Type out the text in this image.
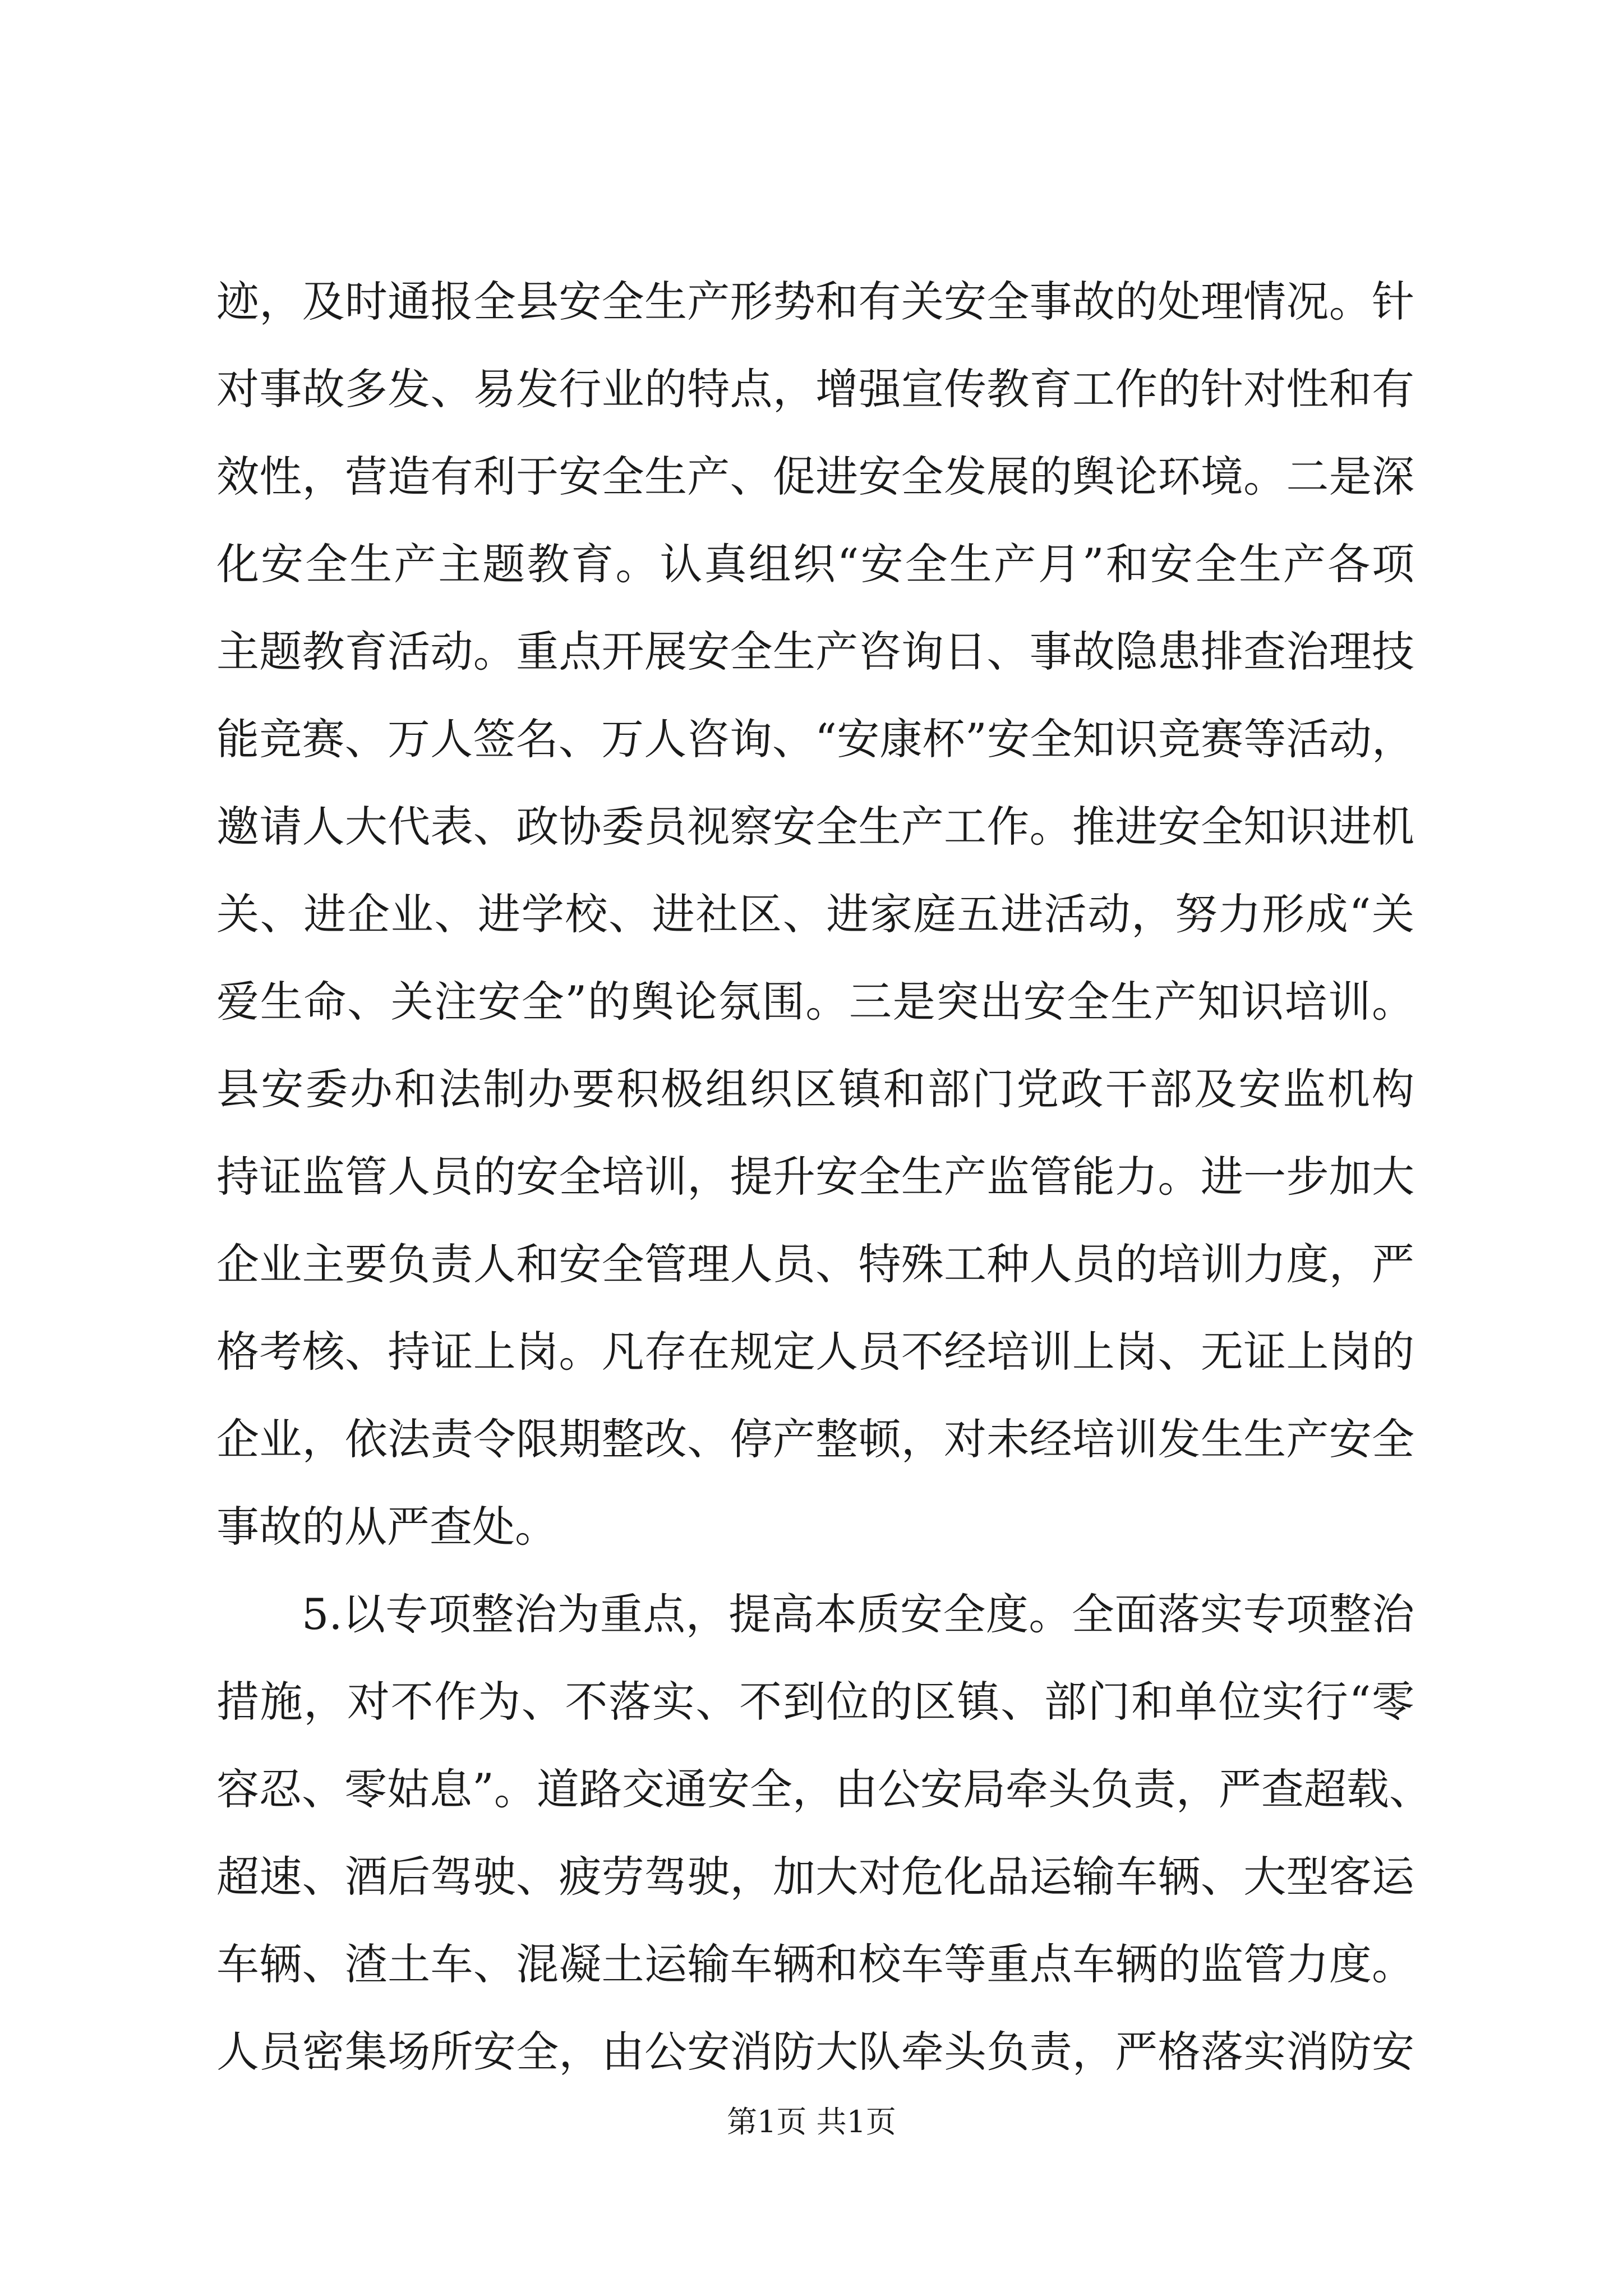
迹，及时通报全县安全生产形势和有关安全事故的处理情况。针
对事故多发、易发行业的特点，增强宣传教育工作的针对性和有
效性，营造有利于安全生产、促进安全发展的舆论环境。二是深
化安全生产主题教育。认真组织“安全生产月”和安全生产各项
主题教育活动。重点开展安全生产咨询日、事故隐患排查治理技
能竞赛、万人签名、万人咨询、“安康杯”安全知识竞赛等活动，
邀请人大代表、政协委员视察安全生产工作。推进安全知识进机
关、进企业、进学校、进社区、进家庭五进活动，努力形成“关
爱生命、关注安全”的舆论氛围。三是突出安全生产知识培训。
县安委办和法制办要积极组织区镇和部门党政干部及安监机构
持证监管人员的安全培训，提升安全生产监管能力。进一步加大
企业主要负责人和安全管理人员、特殊工种人员的培训力度，严
格考核、持证上岗。凡存在规定人员不经培训上岗、无证上岗的
企业，依法责令限期整改、停产整顿，对未经培训发生生产安全
事故的从严查处。
5.以专项整治为重点，提高本质安全度。全面落实专项整治
措施，对不作为、不落实、不到位的区镇、部门和单位实行“零
容忍、零姑息”。道路交通安全，由公安局牵头负责，严查超载、
超速、酒后驾驶、疲劳驾驶，加大对危化品运输车辆、大型客运
车辆、渣土车、混凝土运输车辆和校车等重点车辆的监管力度。
人员密集场所安全，由公安消防大队牵头负责，严格落实消防安
第1页 共1页
